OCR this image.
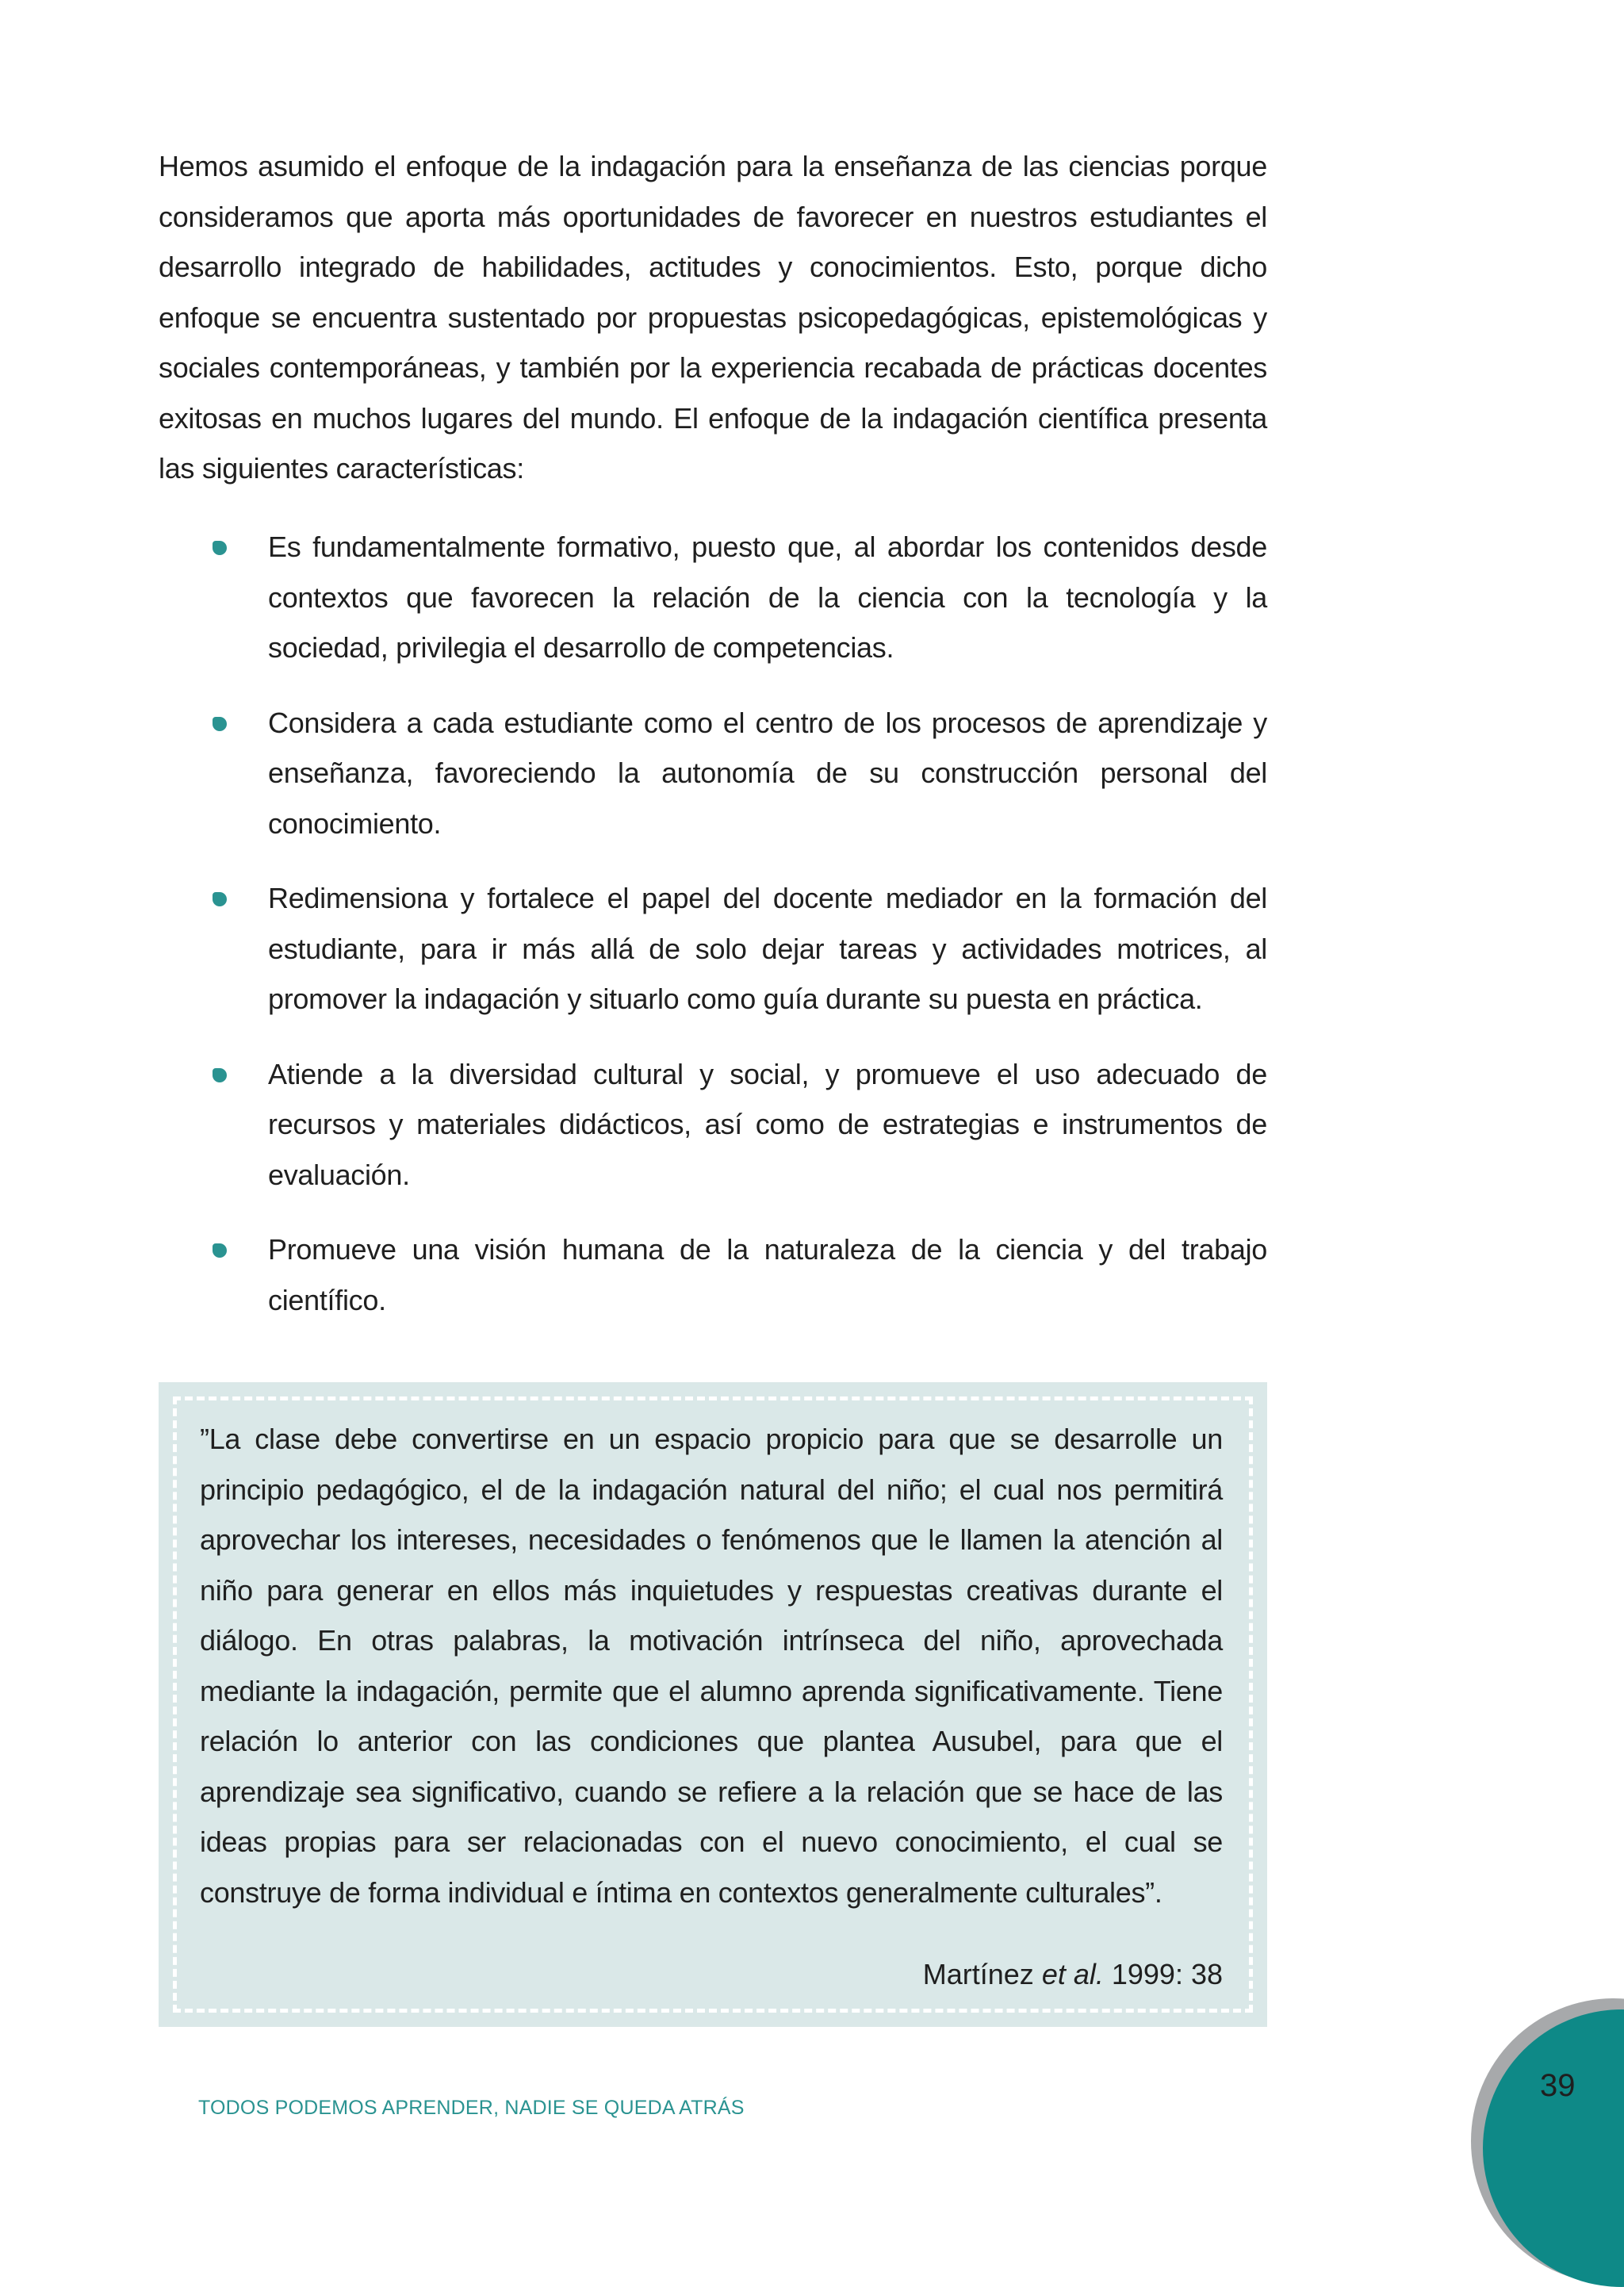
Hemos asumido el enfoque de la indagación para la enseñanza de las ciencias porque consideramos que aporta más oportunidades de favorecer en nuestros estudiantes el desarrollo integrado de habilidades, actitudes y conocimientos. Esto, porque dicho enfoque se encuentra sustentado por propuestas psicopedagógicas, epistemológicas y sociales contemporáneas, y también por la experiencia recabada de prácticas docentes exitosas en muchos lugares del mundo. El enfoque de la indagación científica presenta las siguientes características:

Es fundamentalmente formativo, puesto que, al abordar los contenidos desde contextos que favorecen la relación de la ciencia con la tecnología y la sociedad, privilegia el desarrollo de competencias.
Considera a cada estudiante como el centro de los procesos de aprendizaje y enseñanza, favoreciendo la autonomía de su construcción personal del conocimiento.
Redimensiona y fortalece el papel del docente mediador en la formación del estudiante, para ir más allá de solo dejar tareas y actividades motrices, al promover la indagación y situarlo como guía durante su puesta en práctica.
Atiende a la diversidad cultural y social, y promueve el uso adecuado de recursos y materiales didácticos, así como de estrategias e instrumentos de evaluación.
Promueve una visión humana de la naturaleza de la ciencia y del trabajo científico.

”La clase debe convertirse en un espacio propicio para que se desarrolle un principio pedagógico, el de la indagación natural del niño; el cual nos permitirá aprovechar los intereses, necesidades o fenómenos que le llamen la atención al niño para generar en ellos más inquietudes y respuestas creativas durante el diálogo. En otras palabras, la motivación intrínseca del niño, aprovechada mediante la indagación, permite que el alumno aprenda significativamente. Tiene relación lo anterior con las condiciones que plantea Ausubel, para que el aprendizaje sea significativo, cuando se refiere a la relación que se hace de las ideas propias para ser relacionadas con el nuevo conocimiento, el cual se construye de forma individual e íntima en contextos generalmente culturales”.

Martínez et al. 1999: 38

TODOS PODEMOS APRENDER, NADIE SE QUEDA ATRÁS

39
